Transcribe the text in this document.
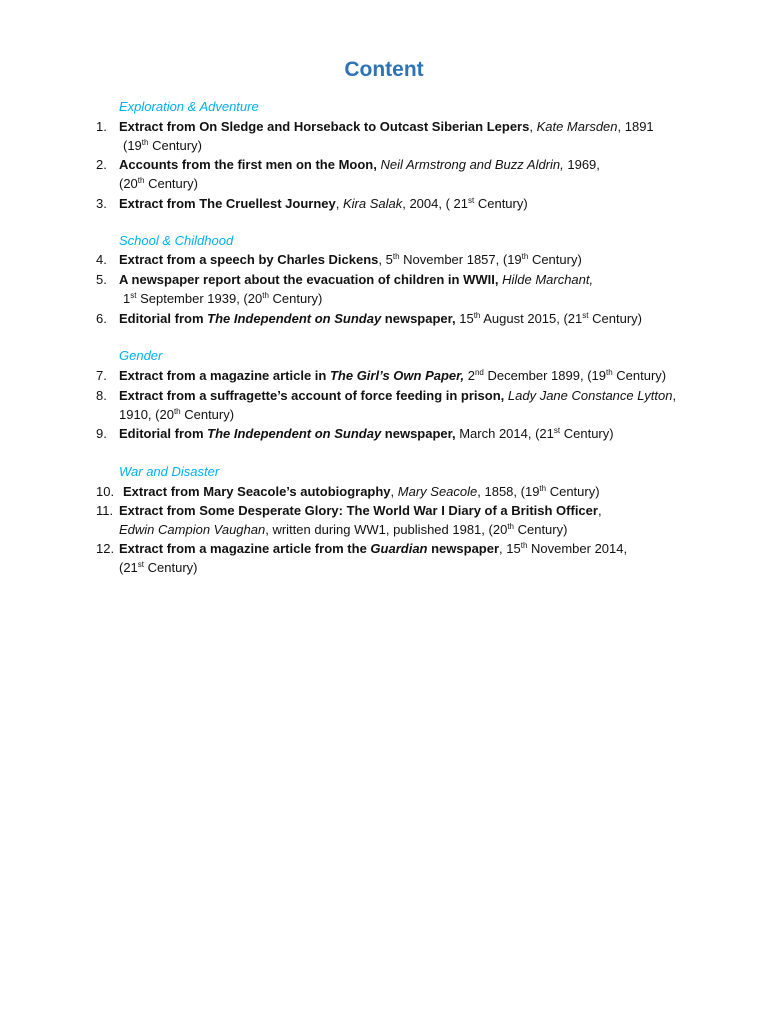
Content
Exploration & Adventure
1. Extract from On Sledge and Horseback to Outcast Siberian Lepers, Kate Marsden, 1891
(19th Century)
2. Accounts from the first men on the Moon, Neil Armstrong and Buzz Aldrin, 1969,
(20th Century)
3. Extract from The Cruellest Journey, Kira Salak, 2004, ( 21st Century)
School & Childhood
4. Extract from a speech by Charles Dickens, 5th November 1857, (19th Century)
5. A newspaper report about the evacuation of children in WWII, Hilde Marchant,
1st September 1939, (20th Century)
6. Editorial from The Independent on Sunday newspaper, 15th August 2015, (21st Century)
Gender
7. Extract from a magazine article in The Girl’s Own Paper, 2nd December 1899, (19th Century)
8. Extract from a suffragette’s account of force feeding in prison, Lady Jane Constance Lytton,
1910, (20th Century)
9. Editorial from The Independent on Sunday newspaper, March 2014, (21st Century)
War and Disaster
10. Extract from Mary Seacole’s autobiography, Mary Seacole, 1858, (19th Century)
11. Extract from Some Desperate Glory: The World War I Diary of a British Officer,
Edwin Campion Vaughan, written during WW1, published 1981, (20th Century)
12. Extract from a magazine article from the Guardian newspaper, 15th November 2014,
(21st Century)
